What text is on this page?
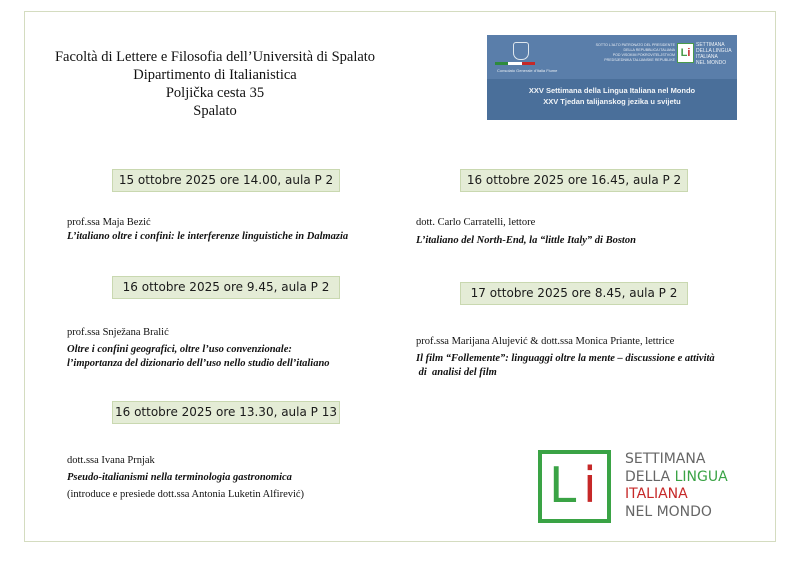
Facoltà di Lettere e Filosofia dell’Università di Spalato
Dipartimento di Italianistica
Poljička cesta 35
Spalato
Consolato Generale d'Italia Fiume
SOTTO L'ALTO PATRONATO DEL PRESIDENTE DELLA REPUBBLICA ITALIANA
POD VISOKIM POKROVITELJSTVOM PREDSJEDNIKA TALIJANSKE REPUBLIKE
Li
SETTIMANA
DELLA LINGUA
ITALIANA
NEL MONDO
XXV Settimana della Lingua Italiana nel Mondo
XXV Tjedan talijanskog jezika u svijetu
15 ottobre 2025 ore 14.00, aula P 2
prof.ssa Maja Bezić
L’italiano oltre i confini: le interferenze linguistiche in Dalmazia
16 ottobre 2025 ore 9.45, aula P 2
prof.ssa Snježana Bralić
Oltre i confini geografici, oltre l’uso convenzionale:
l’importanza del dizionario dell’uso nello studio dell’italiano
16 ottobre 2025 ore 13.30, aula P 13
dott.ssa Ivana Prnjak
Pseudo-italianismi nella terminologia gastronomica
(introduce e presiede dott.ssa Antonia Luketin Alfirević)
16 ottobre 2025 ore 16.45, aula P 2
dott. Carlo Carratelli, lettore
L’italiano del North-End, la “little Italy” di Boston
17 ottobre 2025 ore 8.45, aula P 2
prof.ssa Marijana Alujević & dott.ssa Monica Priante, lettrice
Il film “Follemente”: linguaggi oltre la mente – discussione e attività
di  analisi del film
L i SETTIMANA
DELLA LINGUA
ITALIANA
NEL MONDO
